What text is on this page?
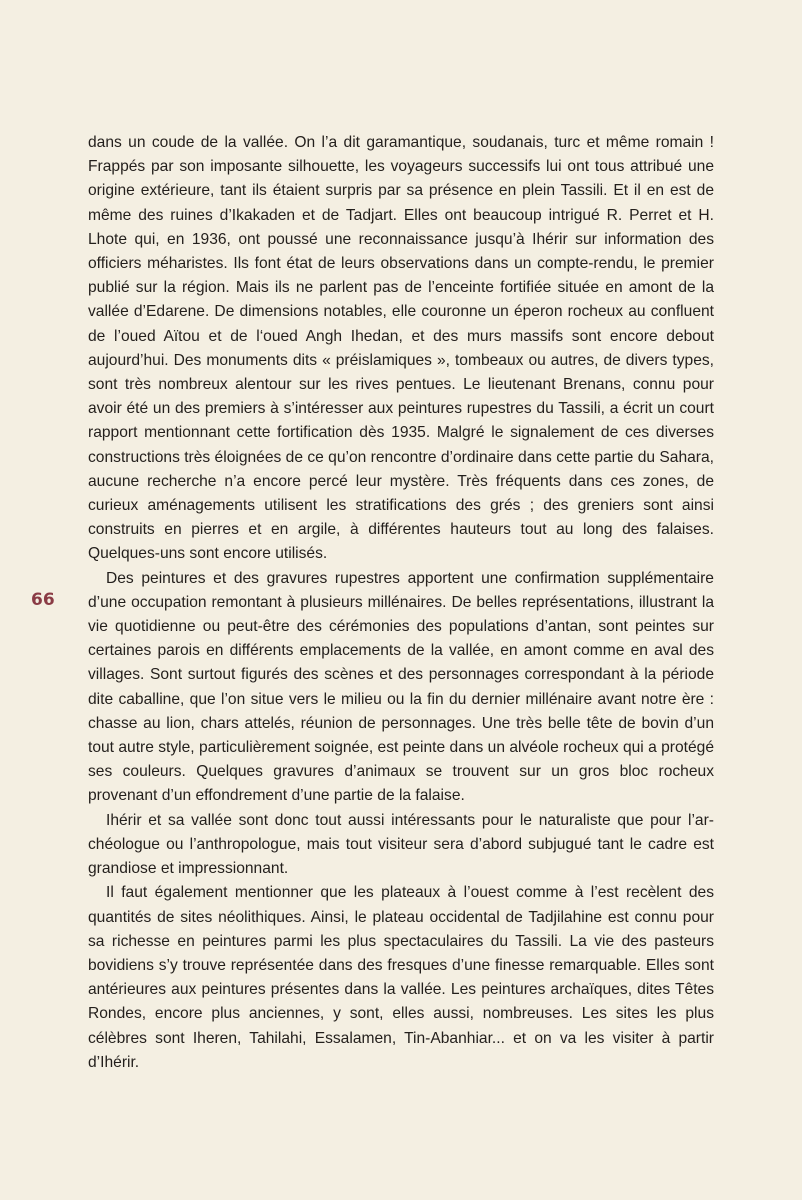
66

dans un coude de la vallée. On l’a dit garamantique, soudanais, turc et même romain ! Frappés par son imposante silhouette, les voyageurs successifs lui ont tous attribué une origine extérieure, tant ils étaient surpris par sa présence en plein Tassili. Et il en est de même des ruines d’Ikakaden et de Tadjart. Elles ont beaucoup intrigué R. Perret et H. Lhote qui, en 1936, ont poussé une reconnaissance jusqu’à Ihérir sur information des officiers méharistes. Ils font état de leurs observations dans un compte-rendu, le premier publié sur la région. Mais ils ne parlent pas de l’enceinte fortifiée située en amont de la vallée d’Edarene. De dimensions notables, elle couronne un éperon rocheux au confluent de l’oued Aïtou et de l‘oued Angh Ihedan, et des murs massifs sont encore debout aujourd’hui. Des monuments dits « préislamiques », tombeaux ou autres, de divers types, sont très nombreux alentour sur les rives pentues. Le lieutenant Brenans, connu pour avoir été un des premiers à s’intéresser aux peintures rupestres du Tassili, a écrit un court rapport mentionnant cette fortification dès 1935. Malgré le signalement de ces diverses constructions très éloignées de ce qu’on rencontre d’ordinaire dans cette partie du Sahara, aucune recherche n’a encore percé leur mystère. Très fréquents dans ces zones, de curieux aménagements utilisent les stratifications des grés ; des greniers sont ainsi construits en pierres et en argile, à différentes hauteurs tout au long des falaises. Quelques-uns sont encore utilisés.

Des peintures et des gravures rupestres apportent une confirmation supplémentaire d’une occupation remontant à plusieurs millénaires. De belles représentations, illustrant la vie quotidienne ou peut-être des cérémonies des populations d’antan, sont peintes sur certaines parois en différents emplacements de la vallée, en amont comme en aval des villages. Sont surtout figurés des scènes et des personnages correspondant à la période dite caballine, que l’on situe vers le milieu ou la fin du dernier millénaire avant notre ère : chasse au lion, chars attelés, réunion de personnages. Une très belle tête de bovin d’un tout autre style, particulièrement soignée, est peinte dans un alvéole rocheux qui a protégé ses couleurs. Quelques gravures d’animaux se trouvent sur un gros bloc rocheux provenant d’un effondrement d’une partie de la falaise.

Ihérir et sa vallée sont donc tout aussi intéressants pour le naturaliste que pour l’archéologue ou l’anthropologue, mais tout visiteur sera d’abord subjugué tant le cadre est grandiose et impressionnant.

Il faut également mentionner que les plateaux à l’ouest comme à l’est recèlent des quantités de sites néolithiques. Ainsi, le plateau occidental de Tadjilahine est connu pour sa richesse en peintures parmi les plus spectaculaires du Tassili. La vie des pasteurs bovidiens s’y trouve représentée dans des fresques d’une finesse remarquable. Elles sont antérieures aux peintures présentes dans la vallée. Les peintures archaïques, dites Têtes Rondes, encore plus anciennes, y sont, elles aussi, nombreuses. Les sites les plus célèbres sont Iheren, Tahilahi, Essalamen, Tin-Abanhiar... et on va les visiter à partir d’Ihérir.
